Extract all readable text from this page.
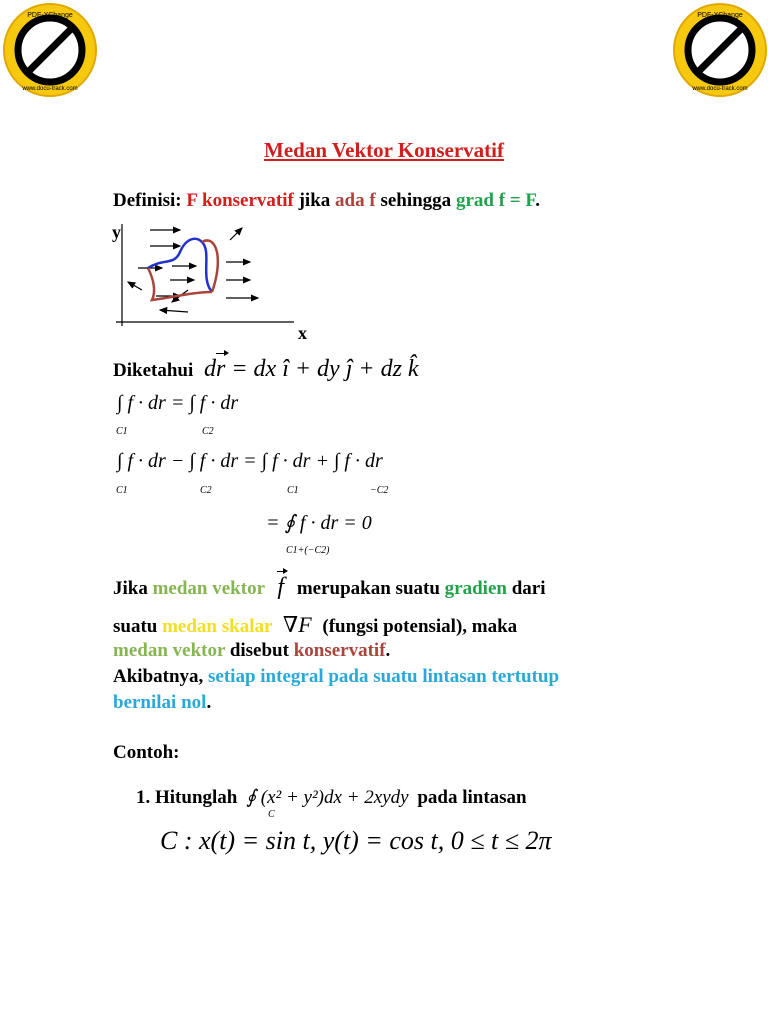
PDF-XChange
www.docu-track.com
Click to buy NOW!
PDF-XChange
www.docu-track.com
Click to buy NOW!
Medan Vektor Konservatif
Definisi: F konservatif jika ada f sehingga grad f = F.
y
x
Diketahui dr = dx î + dy ĵ + dz k̂
∫ f · dr = ∫ f · dr
C1	C2
∫ f · dr − ∫ f · dr = ∫ f · dr + ∫ f · dr
C1	C2	C1	−C2
= ∮ f · dr = 0
C1+(−C2)
Jika medan vektor f merupakan suatu gradien dari
suatu medan skalar ∇F (fungsi potensial), maka
medan vektor disebut konservatif.
Akibatnya, setiap integral pada suatu lintasan tertutup
bernilai nol.
Contoh:
1. Hitunglah ∮ (x² + y²)dx + 2xydy pada lintasan
C
C : x(t) = sin t, y(t) = cos t, 0 ≤ t ≤ 2π
